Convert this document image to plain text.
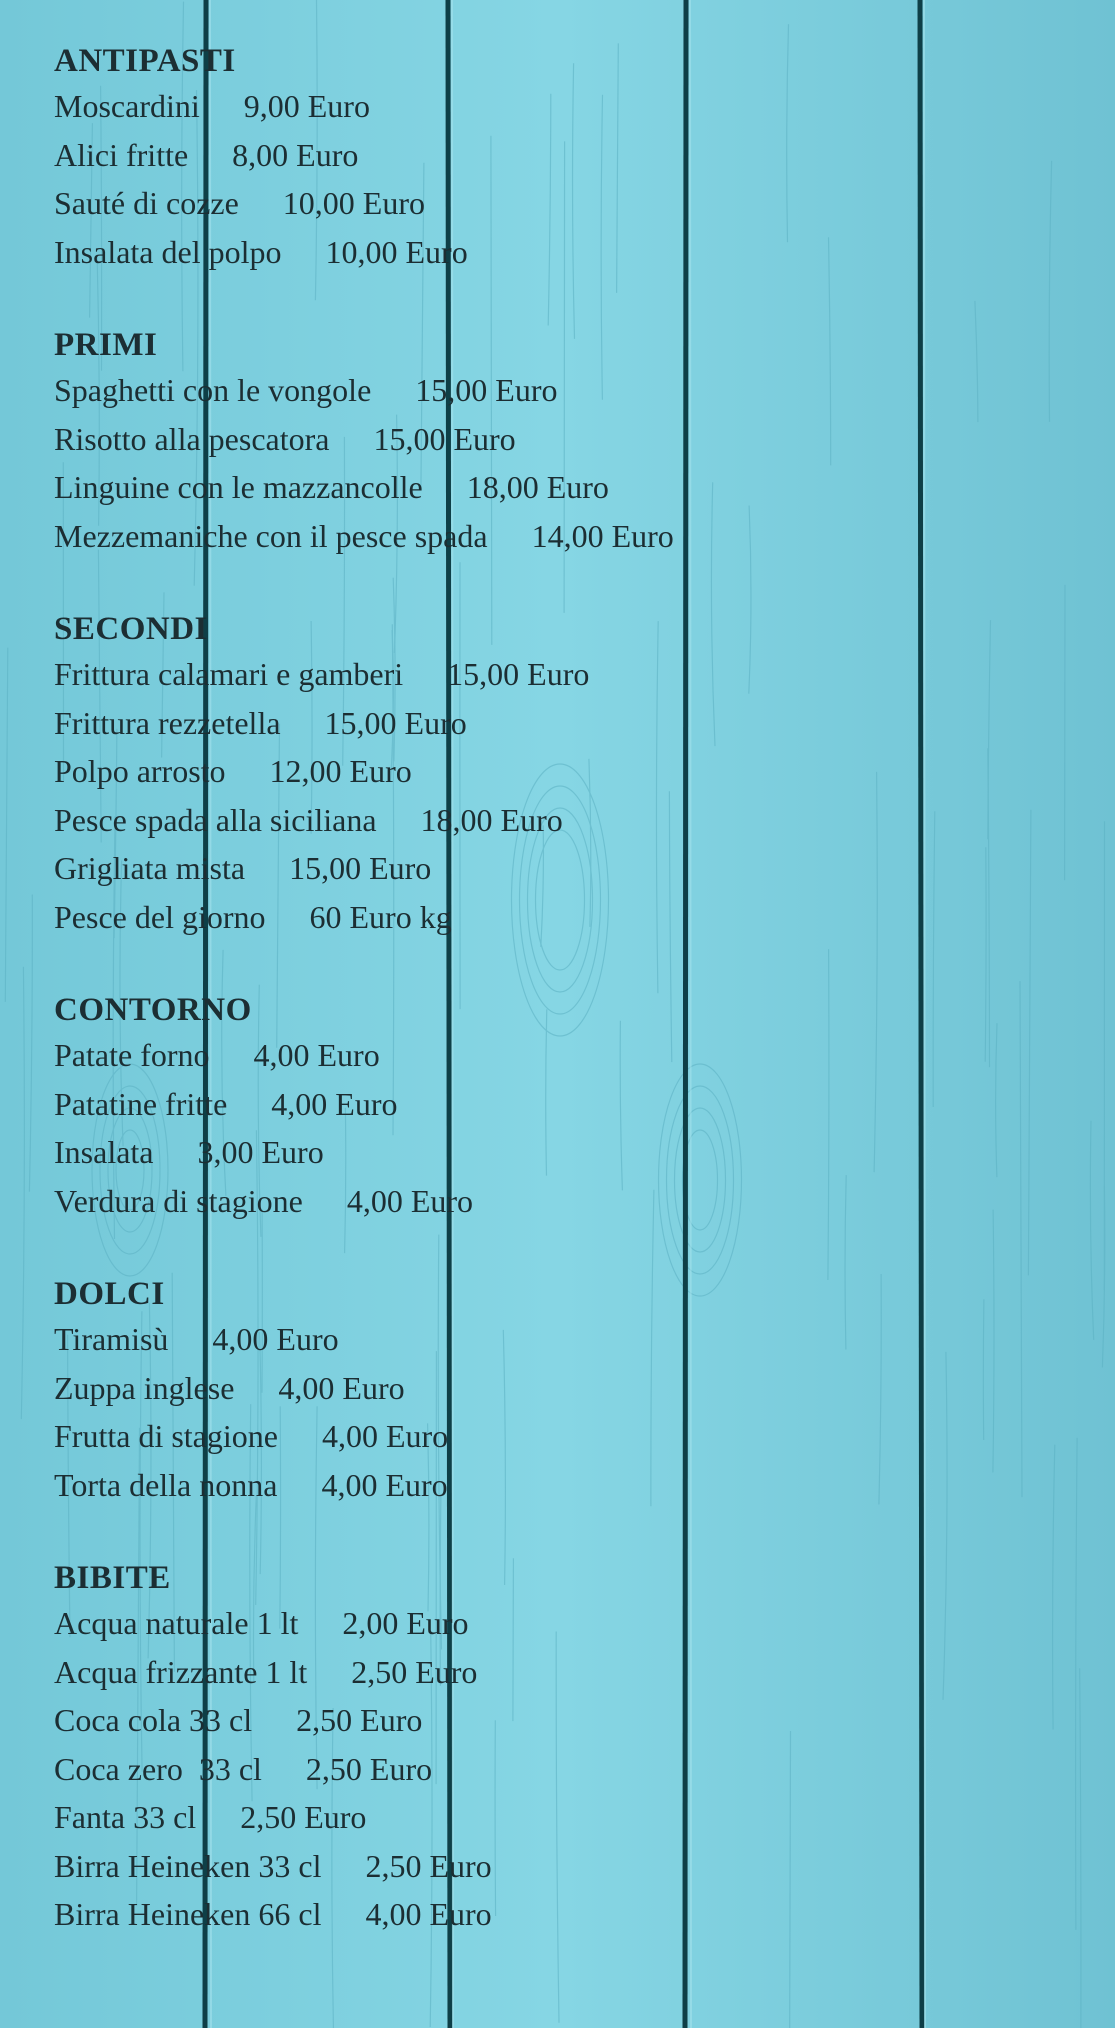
ANTIPASTI
Moscardini 9,00 Euro
Alici fritte 8,00 Euro
Sauté di cozze 10,00 Euro
Insalata del polpo 10,00 Euro
PRIMI
Spaghetti con le vongole 15,00 Euro
Risotto alla pescatora 15,00 Euro
Linguine con le mazzancolle 18,00 Euro
Mezzemaniche con il pesce spada 14,00 Euro
SECONDI
Frittura calamari e gamberi 15,00 Euro
Frittura rezzetella 15,00 Euro
Polpo arrosto 12,00 Euro
Pesce spada alla siciliana 18,00 Euro
Grigliata mista 15,00 Euro
Pesce del giorno 60 Euro kg
CONTORNO
Patate forno 4,00 Euro
Patatine fritte 4,00 Euro
Insalata 3,00 Euro
Verdura di stagione 4,00 Euro
DOLCI
Tiramisù 4,00 Euro
Zuppa inglese 4,00 Euro
Frutta di stagione 4,00 Euro
Torta della nonna 4,00 Euro
BIBITE
Acqua naturale 1 lt 2,00 Euro
Acqua frizzante 1 lt 2,50 Euro
Coca cola 33 cl 2,50 Euro
Coca zero  33 cl 2,50 Euro
Fanta 33 cl 2,50 Euro
Birra Heineken 33 cl 2,50 Euro
Birra Heineken 66 cl 4,00 Euro
